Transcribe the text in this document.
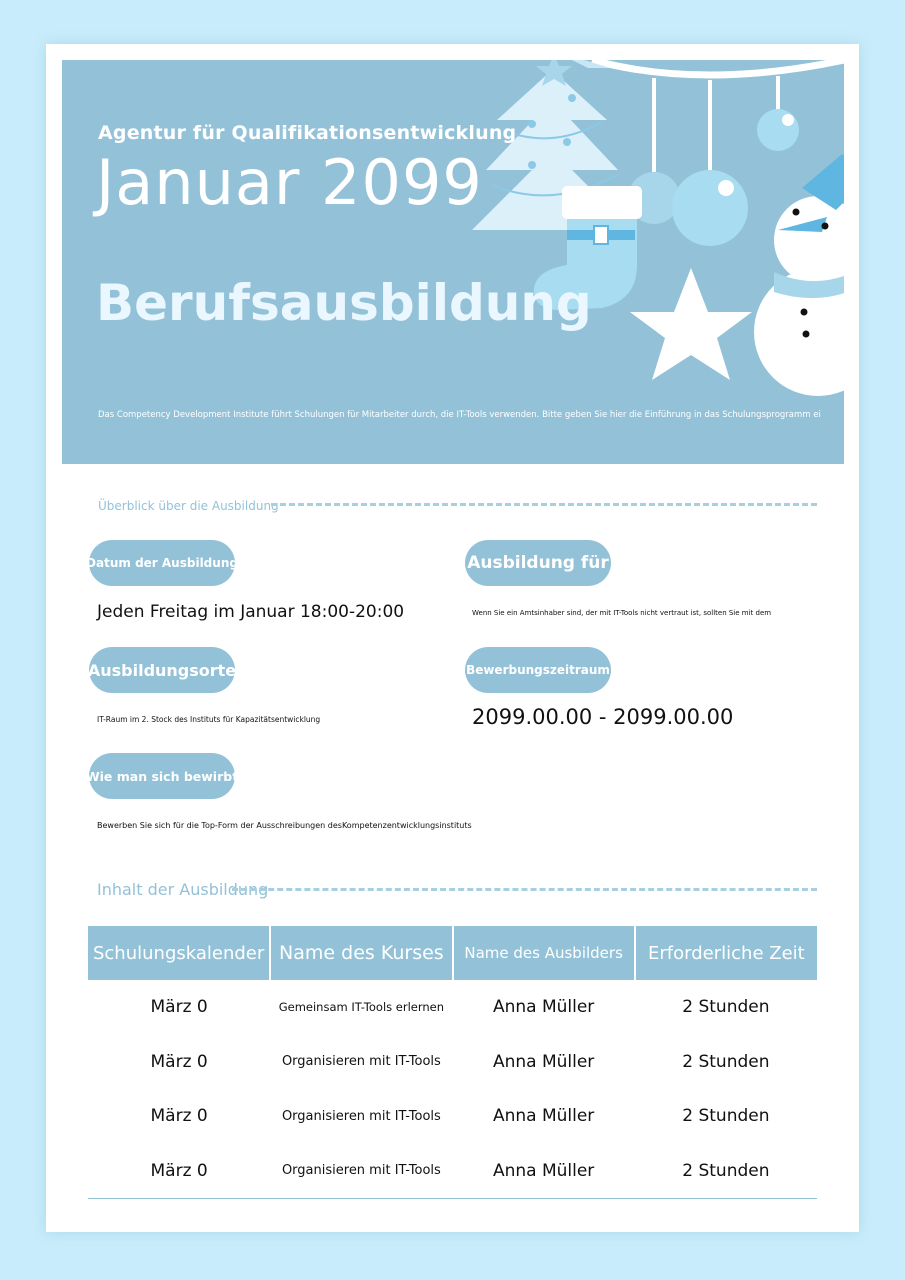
Agentur für Qualifikationsentwicklung
Januar 2099
Berufsausbildung
Das Competency Development Institute führt Schulungen für Mitarbeiter durch, die IT-Tools verwenden. Bitte geben Sie hier die Einführung in das Schulungsprogramm ei
Überblick über die Ausbildung
Datum der Ausbildung
Jeden Freitag im Januar 18:00-20:00
Ausbildung für
Wenn Sie ein Amtsinhaber sind, der mit IT-Tools nicht vertraut ist, sollten Sie mit dem
Ausbildungsorte
IT-Raum im 2. Stock des Instituts für Kapazitätsentwicklung
Bewerbungszeitraum
2099.00.00 - 2099.00.00
Wie man sich bewirbt
Bewerben Sie sich für die Top-Form der Ausschreibungen desKompetenzentwicklungsinstituts
Inhalt der Ausbildung
Schulungskalender	Name des Kurses	Name des Ausbilders	Erforderliche Zeit
März 0	Gemeinsam IT-Tools erlernen	Anna Müller	2 Stunden
März 0	Organisieren mit IT-Tools	Anna Müller	2 Stunden
März 0	Organisieren mit IT-Tools	Anna Müller	2 Stunden
März 0	Organisieren mit IT-Tools	Anna Müller	2 Stunden
